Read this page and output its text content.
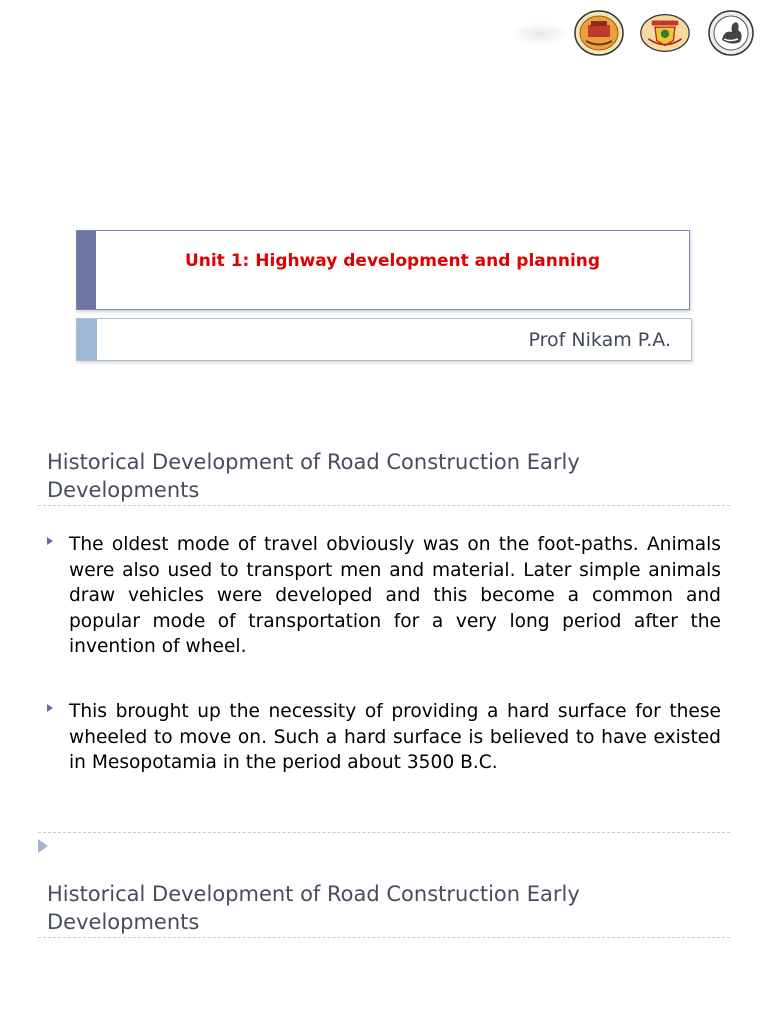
Unit 1: Highway development and planning
Prof Nikam P.A.
Historical Development of Road Construction Early Developments
The oldest mode of travel obviously was on the foot-paths. Animals were also used to transport men and material. Later simple animals draw vehicles were developed and this become a common and popular mode of transportation for a very long period after the invention of wheel.
This brought up the necessity of providing a hard surface for these wheeled to move on. Such a hard surface is believed to have existed in Mesopotamia in the period about 3500 B.C.
Historical Development of Road Construction Early Developments
